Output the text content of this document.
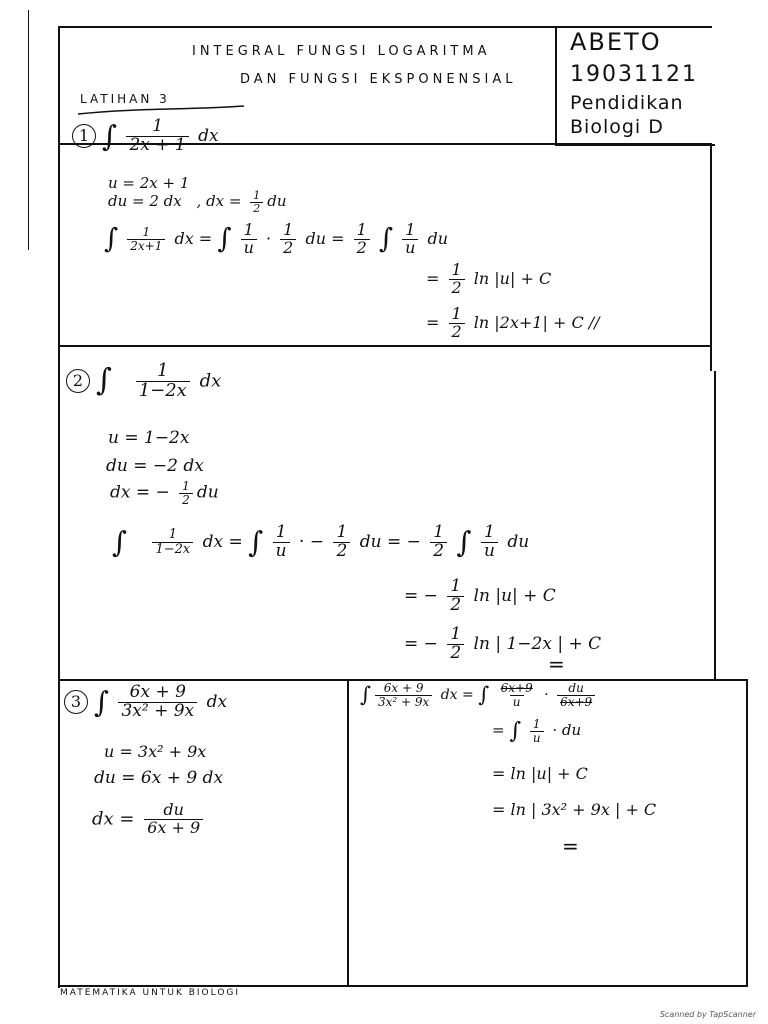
INTEGRAL FUNGSI LOGARITMA
DAN FUNGSI EKSPONENSIAL
LATIHAN 3
ABETO
19031121
Pendidikan
Biologi D
1 ∫ $\frac{1}{2x + 1}$ dx
u = 2x + 1
du = 2 dx , dx = $\frac{1}{2}$ du
∫ $\frac{1}{2x+1}$ dx = ∫ $\frac{1}{u} \cdot \frac{1}{2}$ du = $\frac{1}{2}$ ∫ $\frac{1}{u}$ du
= $\frac{1}{2}$ ln |u| + C
= $\frac{1}{2}$ ln |2x+1| + C //
2 ∫ $\frac{1}{1-2x}$ dx
u = 1−2x
du = −2 dx
dx = − $\frac{1}{2}$ du
∫ $\frac{1}{1-2x}$ dx = ∫ $\frac{1}{u}$ · − $\frac{1}{2}$ du = − $\frac{1}{2}$ ∫ $\frac{1}{u}$ du
= − $\frac{1}{2}$ ln |u| + C
= − $\frac{1}{2}$ ln | 1−2x | + C
=
3 ∫ $\frac{6x + 9}{\text{3x² + 9x}}$ dx
u = 3x² + 9x
du = 6x + 9 dx
dx = $\frac{du}{6x + 9}$
∫ $\frac{6x + 9}{\text{3x² + 9x}}$ dx = ∫ $\frac{6x+9}{u} \cdot \frac{du}{6x+9}$
= ∫ $\frac{1}{u}$ · du
= ln |u| + C
= ln | 3x² + 9x | + C
=
MATEMATIKA UNTUK BIOLOGI
Scanned by TapScanner
